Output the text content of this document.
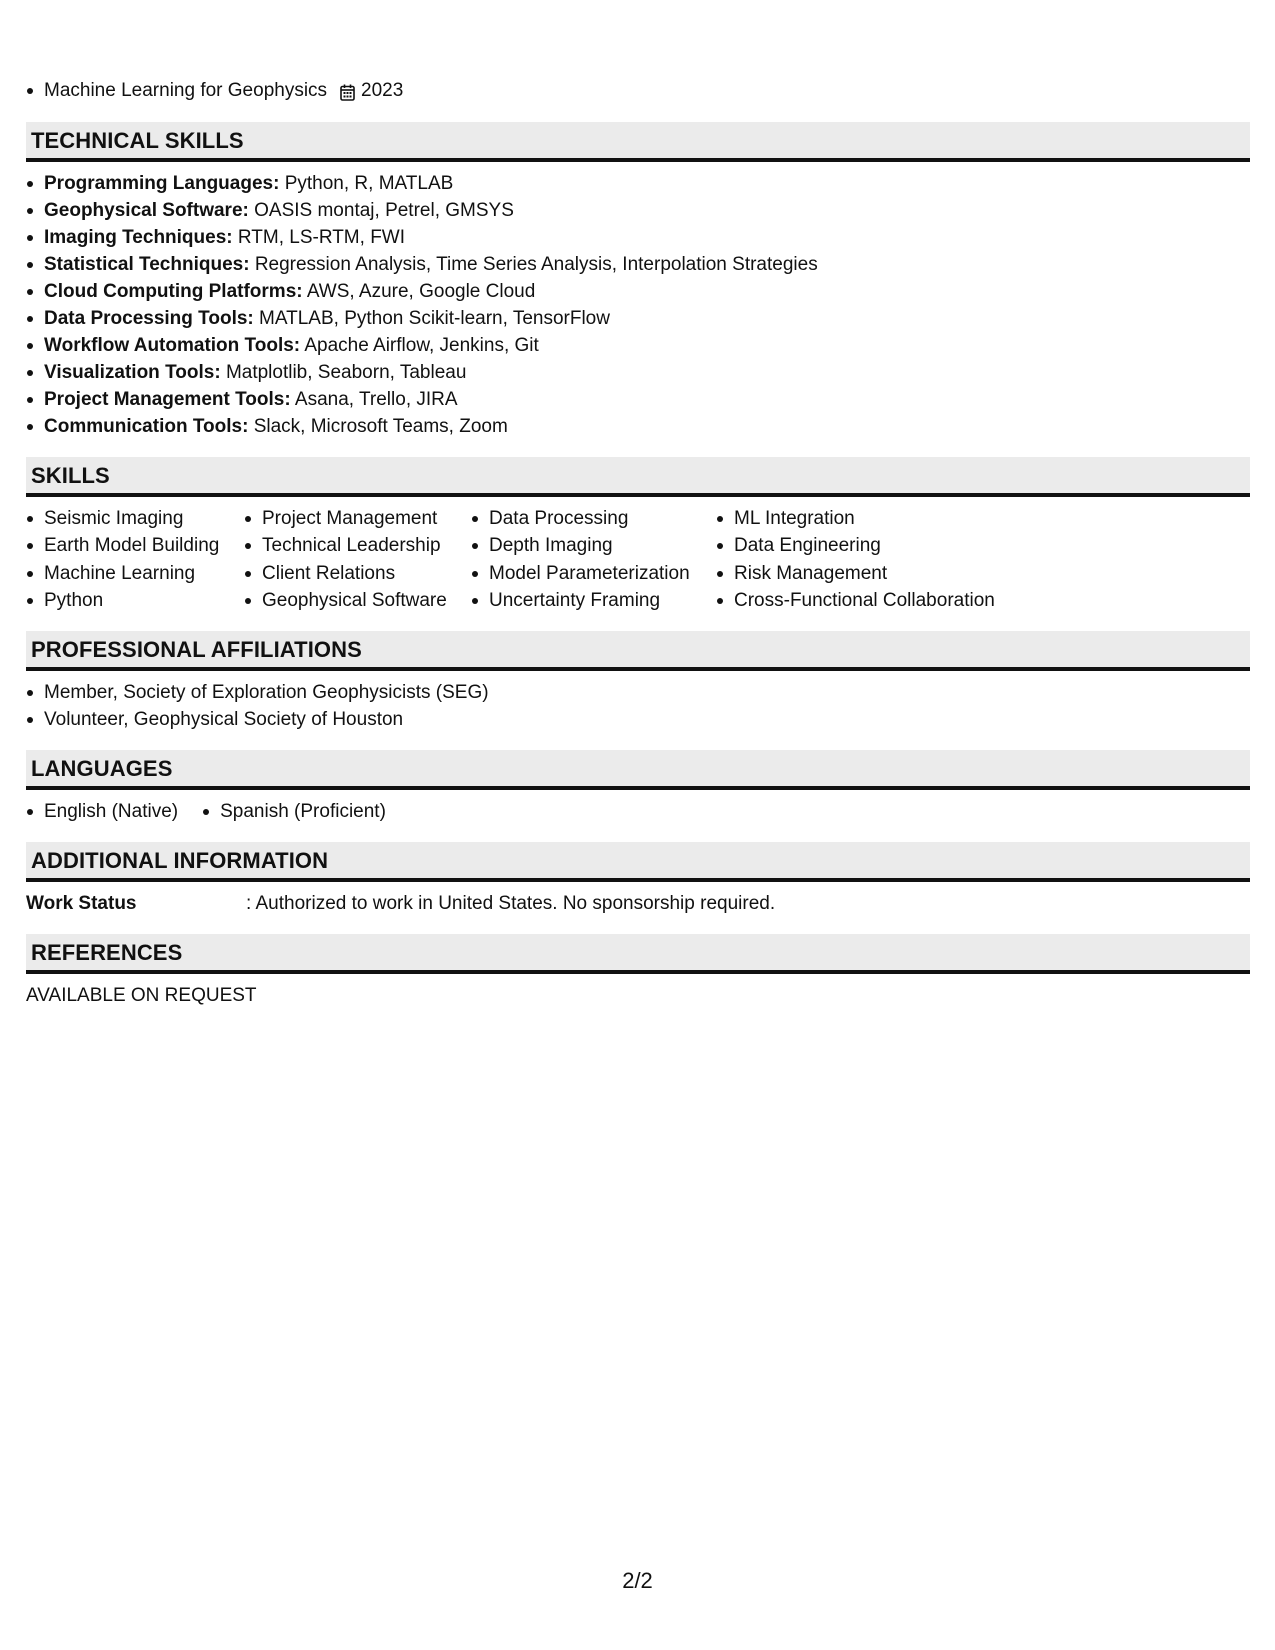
Machine Learning for Geophysics 2023
TECHNICAL SKILLS
Programming Languages: Python, R, MATLAB
Geophysical Software: OASIS montaj, Petrel, GMSYS
Imaging Techniques: RTM, LS-RTM, FWI
Statistical Techniques: Regression Analysis, Time Series Analysis, Interpolation Strategies
Cloud Computing Platforms: AWS, Azure, Google Cloud
Data Processing Tools: MATLAB, Python Scikit-learn, TensorFlow
Workflow Automation Tools: Apache Airflow, Jenkins, Git
Visualization Tools: Matplotlib, Seaborn, Tableau
Project Management Tools: Asana, Trello, JIRA
Communication Tools: Slack, Microsoft Teams, Zoom
SKILLS
Seismic Imaging
Earth Model Building
Machine Learning
Python
Project Management
Technical Leadership
Client Relations
Geophysical Software
Data Processing
Depth Imaging
Model Parameterization
Uncertainty Framing
ML Integration
Data Engineering
Risk Management
Cross-Functional Collaboration
PROFESSIONAL AFFILIATIONS
Member, Society of Exploration Geophysicists (SEG)
Volunteer, Geophysical Society of Houston
LANGUAGES
English (Native)	Spanish (Proficient)
ADDITIONAL INFORMATION
Work Status	: Authorized to work in United States. No sponsorship required.
REFERENCES
AVAILABLE ON REQUEST
2/2
